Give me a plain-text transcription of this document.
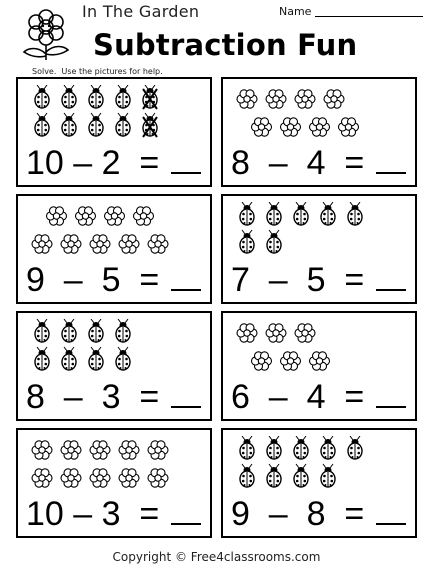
In The Garden
Subtraction Fun
Name
Solve.  Use the pictures for help.
10 – 2  =	8  –  4  =
9  –  5  =	7  –  5  =
8  –  3  =	6  –  4  =
10 – 3  =	9  –  8  =
Copyright © Free4classrooms.com
